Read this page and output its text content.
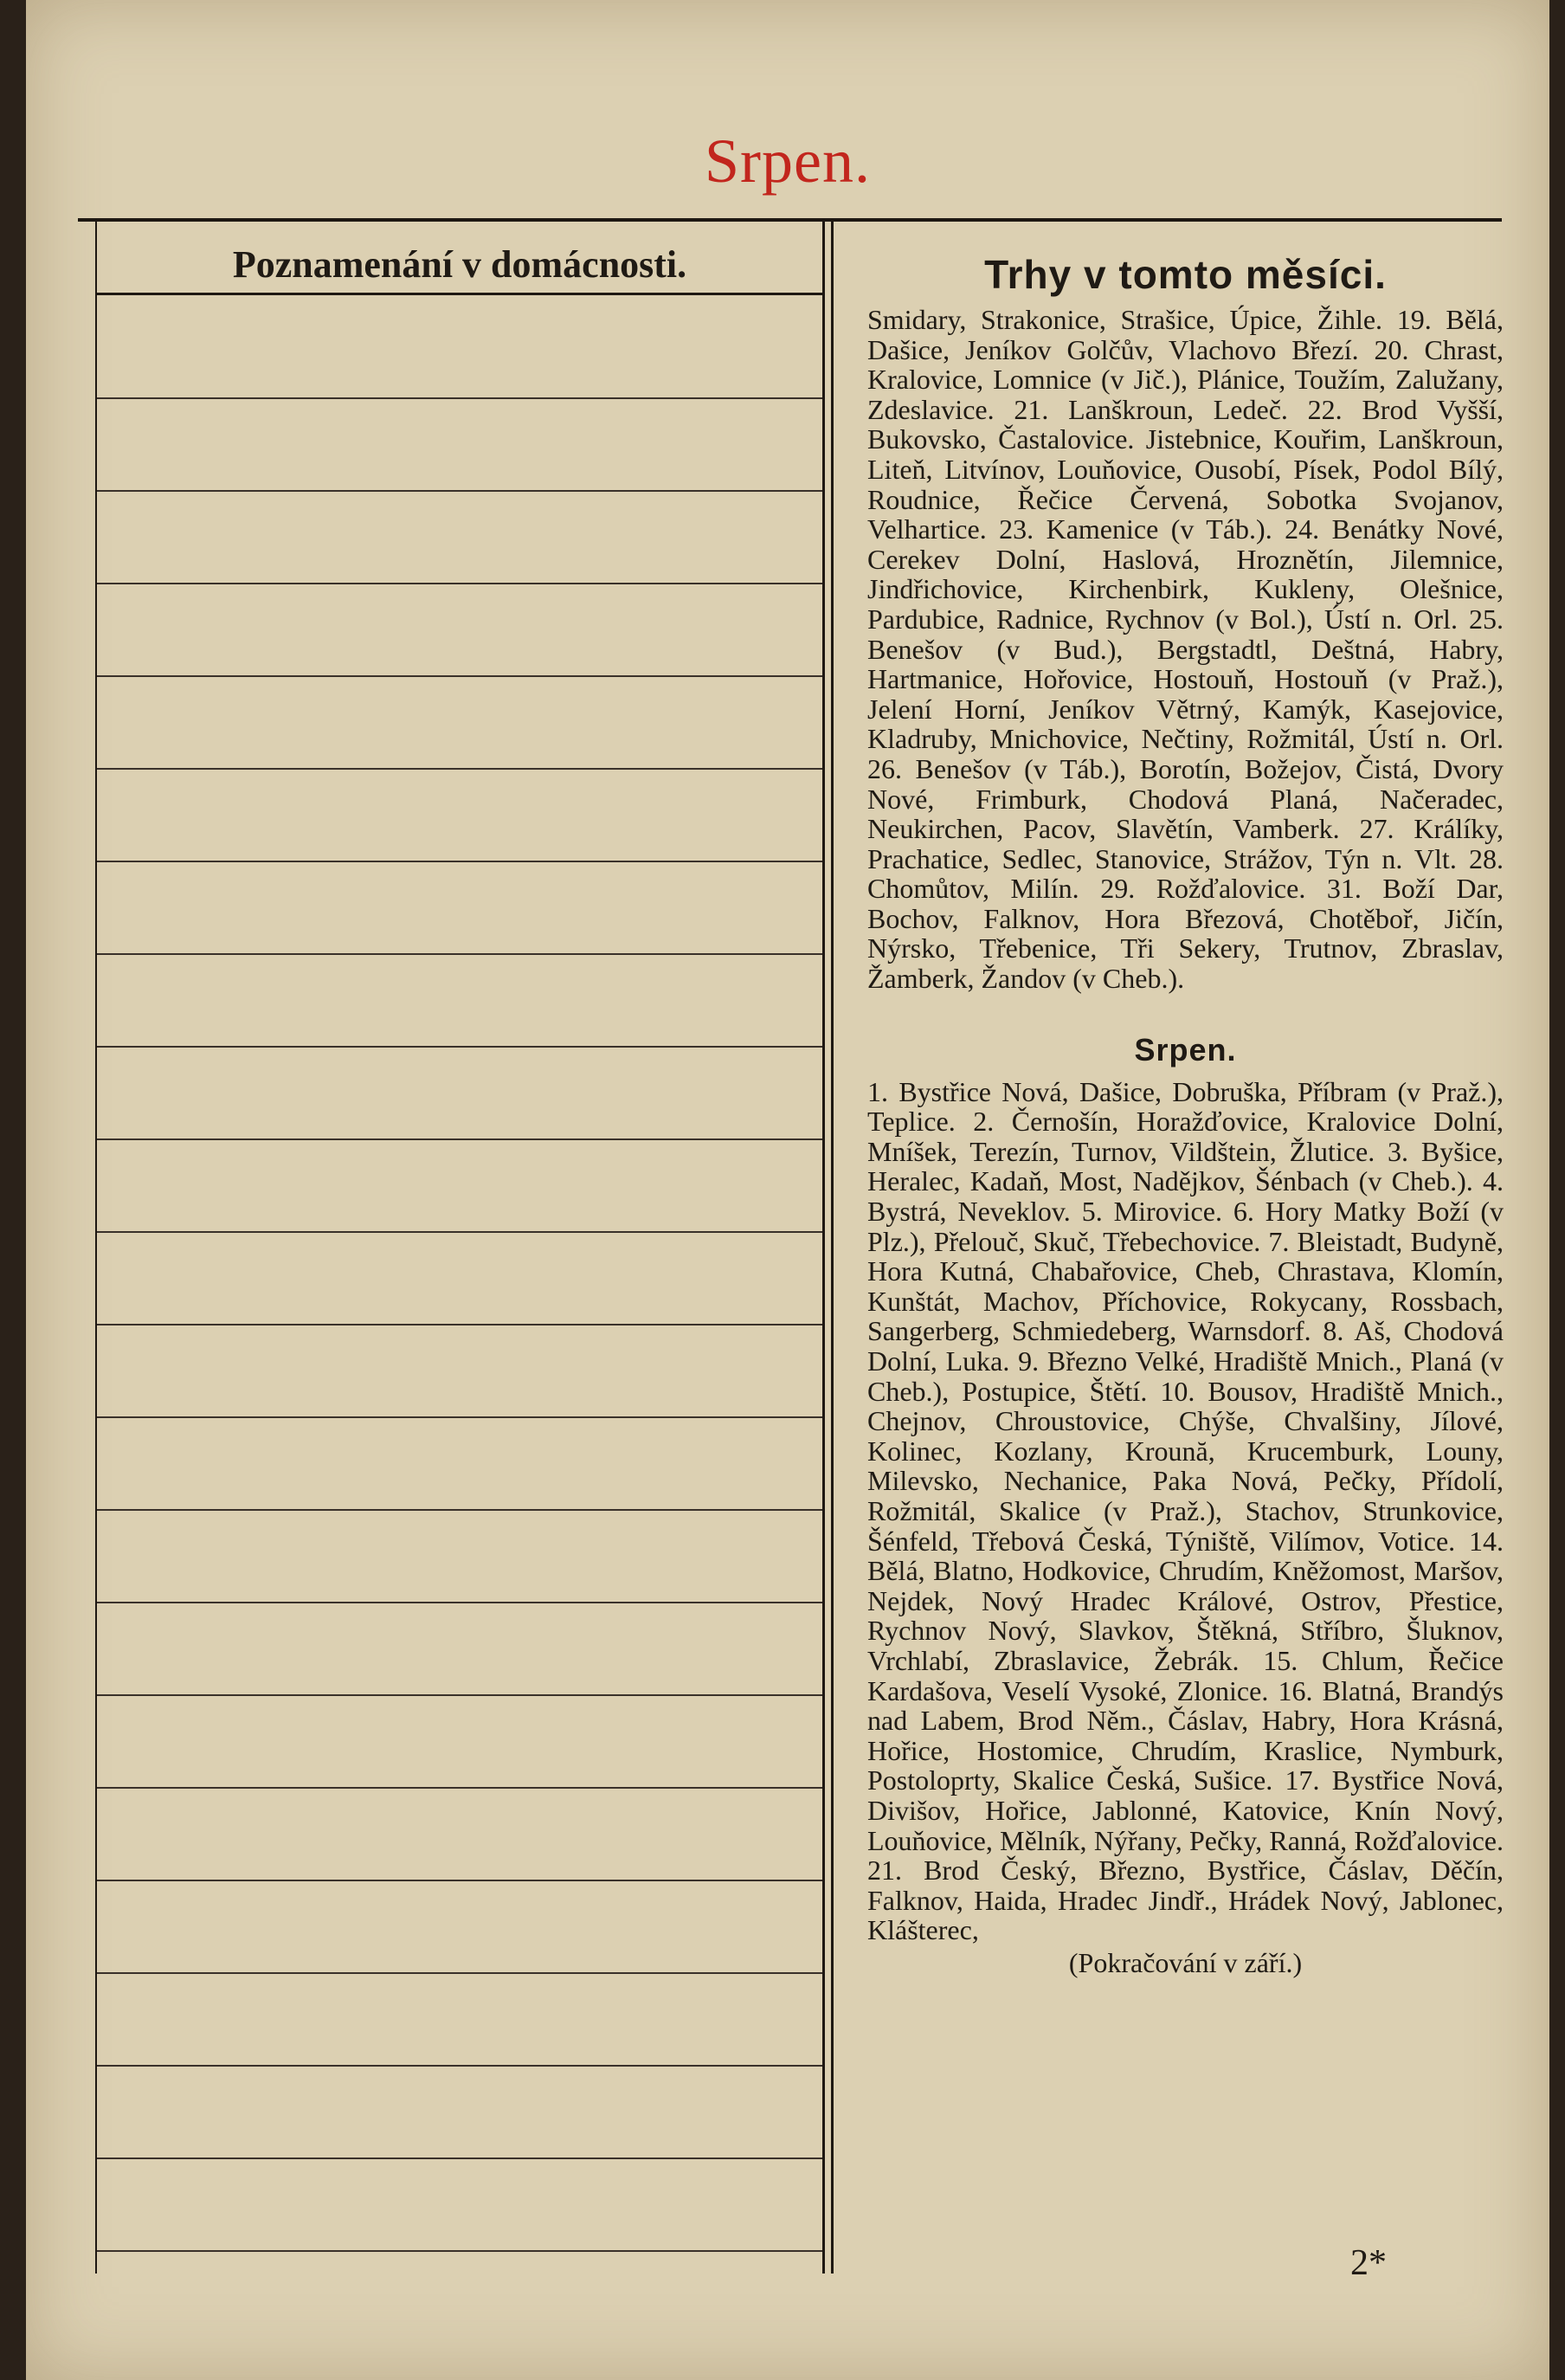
Srpen.
Poznamenání v domácnosti.	Trhy v tomto měsíci.

Smidary, Strakonice, Strašice, Úpice, Žihle. 19. Bělá, Dašice, Jeníkov Golčův, Vlachovo Březí. 20. Chrast, Kralovice, Lomnice (v Jič.), Plánice, Toužím, Zalužany, Zdeslavice. 21. Lanškroun, Ledeč. 22. Brod Vyšší, Bukovsko, Častalovice. Jistebnice, Kouřim, Lanškroun, Liteň, Litvínov, Louňovice, Ousobí, Písek, Podol Bílý, Roudnice, Řečice Červená, Sobotka Svojanov, Velhartice. 23. Kamenice (v Táb.). 24. Benátky Nové, Cerekev Dolní, Haslová, Hroznětín, Jilemnice, Jindřichovice, Kirchenbirk, Kukleny, Olešnice, Pardubice, Radnice, Rychnov (v Bol.), Ústí n. Orl. 25. Benešov (v Bud.), Bergstadtl, Deštná, Habry, Hartmanice, Hořovice, Hostouň, Hostouň (v Praž.), Jelení Horní, Jeníkov Větrný, Kamýk, Kasejovice, Kladruby, Mnichovice, Nečtiny, Rožmitál, Ústí n. Orl. 26. Benešov (v Táb.), Borotín, Božejov, Čistá, Dvory Nové, Frimburk, Chodová Planá, Načeradec, Neukirchen, Pacov, Slavětín, Vamberk. 27. Králíky, Prachatice, Sedlec, Stanovice, Strážov, Týn n. Vlt. 28. Chomůtov, Milín. 29. Rožďalovice. 31. Boží Dar, Bochov, Falknov, Hora Březová, Chotěboř, Jičín, Nýrsko, Třebenice, Tři Sekery, Trutnov, Zbraslav, Žamberk, Žandov (v Cheb.).

Srpen.

1. Bystřice Nová, Dašice, Dobruška, Příbram (v Praž.), Teplice. 2. Černošín, Horažďovice, Kralovice Dolní, Mníšek, Terezín, Turnov, Vildštein, Žlutice. 3. Byšice, Heralec, Kadaň, Most, Nadějkov, Šénbach (v Cheb.). 4. Bystrá, Neveklov. 5. Mirovice. 6. Hory Matky Boží (v Plz.), Přelouč, Skuč, Třebechovice. 7. Bleistadt, Budyně, Hora Kutná, Chabařovice, Cheb, Chrastava, Klomín, Kunštát, Machov, Příchovice, Rokycany, Rossbach, Sangerberg, Schmiedeberg, Warnsdorf. 8. Aš, Chodová Dolní, Luka. 9. Březno Velké, Hradiště Mnich., Planá (v Cheb.), Postupice, Štětí. 10. Bousov, Hradiště Mnich., Chejnov, Chroustovice, Chýše, Chvalšiny, Jílové, Kolinec, Kozlany, Kroună, Krucemburk, Louny, Milevsko, Nechanice, Paka Nová, Pečky, Přídolí, Rožmitál, Skalice (v Praž.), Stachov, Strunkovice, Šénfeld, Třebová Česká, Týniště, Vilímov, Votice. 14. Bělá, Blatno, Hodkovice, Chrudím, Kněžomost, Maršov, Nejdek, Nový Hradec Králové, Ostrov, Přestice, Rychnov Nový, Slavkov, Štěkná, Stříbro, Šluknov, Vrchlabí, Zbraslavice, Žebrák. 15. Chlum, Řečice Kardašova, Veselí Vysoké, Zlonice. 16. Blatná, Brandýs nad Labem, Brod Něm., Čáslav, Habry, Hora Krásná, Hořice, Hostomice, Chrudím, Kraslice, Nymburk, Postoloprty, Skalice Česká, Sušice. 17. Bystřice Nová, Divišov, Hořice, Jablonné, Katovice, Knín Nový, Louňovice, Mělník, Nýřany, Pečky, Ranná, Rožďalovice. 21. Brod Český, Březno, Bystřice, Čáslav, Děčín, Falknov, Haida, Hradec Jindř., Hrádek Nový, Jablonec, Klášterec,

(Pokračování v září.)

2*
